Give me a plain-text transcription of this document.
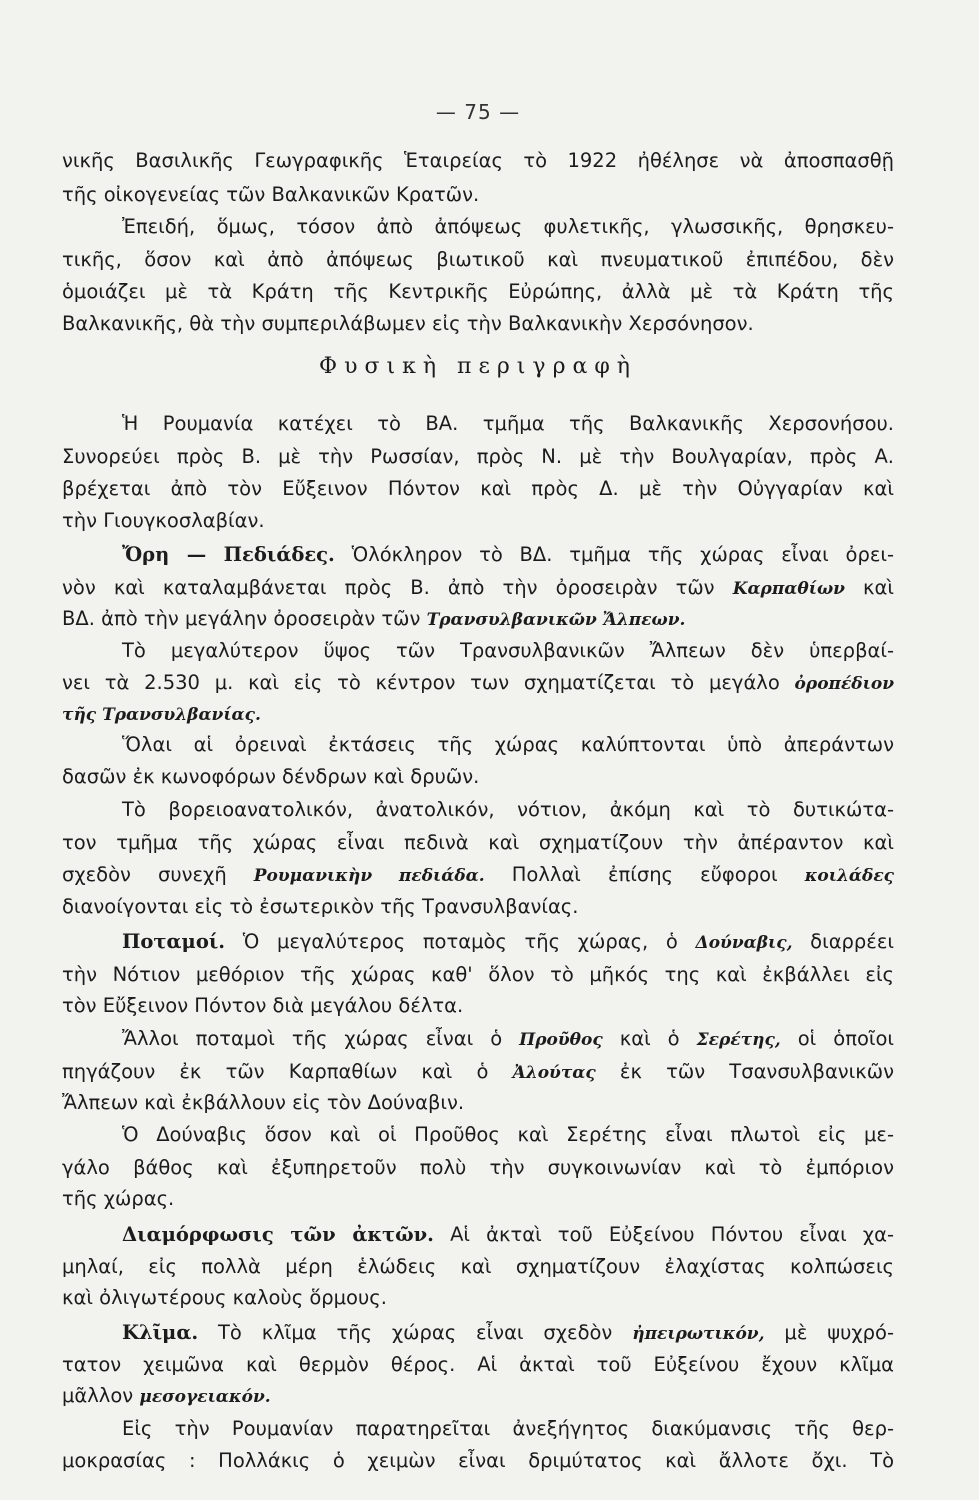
— 75 —
νικῆς Βασιλικῆς Γεωγραφικῆς Ἑταιρείας τὸ 1922 ἠθέλησε νὰ ἀποσπασθῇ
τῆς οἰκογενείας τῶν Βαλκανικῶν Κρατῶν.
Ἐπειδή, ὅμως, τόσον ἀπὸ ἀπόψεως φυλετικῆς, γλωσσικῆς, θρησκευ-
τικῆς, ὅσον καὶ ἀπὸ ἀπόψεως βιωτικοῦ καὶ πνευματικοῦ ἐπιπέδου, δὲν
ὁμοιάζει μὲ τὰ Κράτη τῆς Κεντρικῆς Εὐρώπης, ἀλλὰ μὲ τὰ Κράτη τῆς
Βαλκανικῆς, θὰ τὴν συμπεριλάβωμεν εἰς τὴν Βαλκανικὴν Χερσόνησον.
Φυσικὴ περιγραφὴ
Ἡ Ρουμανία κατέχει τὸ ΒΑ. τμῆμα τῆς Βαλκανικῆς Χερσονήσου.
Συνορεύει πρὸς Β. μὲ τὴν Ρωσσίαν, πρὸς Ν. μὲ τὴν Βουλγαρίαν, πρὸς Α.
βρέχεται ἀπὸ τὸν Εὔξεινον Πόντον καὶ πρὸς Δ. μὲ τὴν Οὐγγαρίαν καὶ
τὴν Γιουγκοσλαβίαν.
Ὄρη — Πεδιάδες. Ὁλόκληρον τὸ ΒΔ. τμῆμα τῆς χώρας εἶναι ὀρει-
νὸν καὶ καταλαμβάνεται πρὸς Β. ἀπὸ τὴν ὀροσειρὰν τῶν Καρπαθίων καὶ
ΒΔ. ἀπὸ τὴν μεγάλην ὀροσειρὰν τῶν Τρανσυλβανικῶν Ἄλπεων.
Τὸ μεγαλύτερον ὕψος τῶν Τρανσυλβανικῶν Ἄλπεων δὲν ὑπερβαί-
νει τὰ 2.530 μ. καὶ εἰς τὸ κέντρον των σχηματίζεται τὸ μεγάλο ὀροπέδιον
τῆς Τρανσυλβανίας.
Ὅλαι αἱ ὀρειναὶ ἐκτάσεις τῆς χώρας καλύπτονται ὑπὸ ἀπεράντων
δασῶν ἐκ κωνοφόρων δένδρων καὶ δρυῶν.
Τὸ βορειοανατολικόν, ἀνατολικόν, νότιον, ἀκόμη καὶ τὸ δυτικώτα-
τον τμῆμα τῆς χώρας εἶναι πεδινὰ καὶ σχηματίζουν τὴν ἀπέραντον καὶ
σχεδὸν συνεχῆ Ρουμανικὴν πεδιάδα. Πολλαὶ ἐπίσης εὔφοροι κοιλάδες
διανοίγονται εἰς τὸ ἐσωτερικὸν τῆς Τρανσυλβανίας.
Ποταμοί. Ὁ μεγαλύτερος ποταμὸς τῆς χώρας, ὁ Δούναβις, διαρρέει
τὴν Νότιον μεθόριον τῆς χώρας καθ' ὅλον τὸ μῆκός της καὶ ἐκβάλλει εἰς
τὸν Εὔξεινον Πόντον διὰ μεγάλου δέλτα.
Ἄλλοι ποταμοὶ τῆς χώρας εἶναι ὁ Προῦθος καὶ ὁ Σερέτης, οἱ ὁποῖοι
πηγάζουν ἐκ τῶν Καρπαθίων καὶ ὁ Ἀλούτας ἐκ τῶν Τσανσυλβανικῶν
Ἄλπεων καὶ ἐκβάλλουν εἰς τὸν Δούναβιν.
Ὁ Δούναβις ὅσον καὶ οἱ Προῦθος καὶ Σερέτης εἶναι πλωτοὶ εἰς με-
γάλο βάθος καὶ ἐξυπηρετοῦν πολὺ τὴν συγκοινωνίαν καὶ τὸ ἐμπόριον
τῆς χώρας.
Διαμόρφωσις τῶν ἀκτῶν. Αἱ ἀκταὶ τοῦ Εὐξείνου Πόντου εἶναι χα-
μηλαί, εἰς πολλὰ μέρη ἑλώδεις καὶ σχηματίζουν ἐλαχίστας κολπώσεις
καὶ ὀλιγωτέρους καλοὺς ὅρμους.
Κλῖμα. Τὸ κλῖμα τῆς χώρας εἶναι σχεδὸν ἠπειρωτικόν, μὲ ψυχρό-
τατον χειμῶνα καὶ θερμὸν θέρος. Αἱ ἀκταὶ τοῦ Εὐξείνου ἔχουν κλῖμα
μᾶλλον μεσογειακόν.
Εἰς τὴν Ρουμανίαν παρατηρεῖται ἀνεξήγητος διακύμανσις τῆς θερ-
μοκρασίας : Πολλάκις ὁ χειμὼν εἶναι δριμύτατος καὶ ἄλλοτε ὄχι. Τὸ
